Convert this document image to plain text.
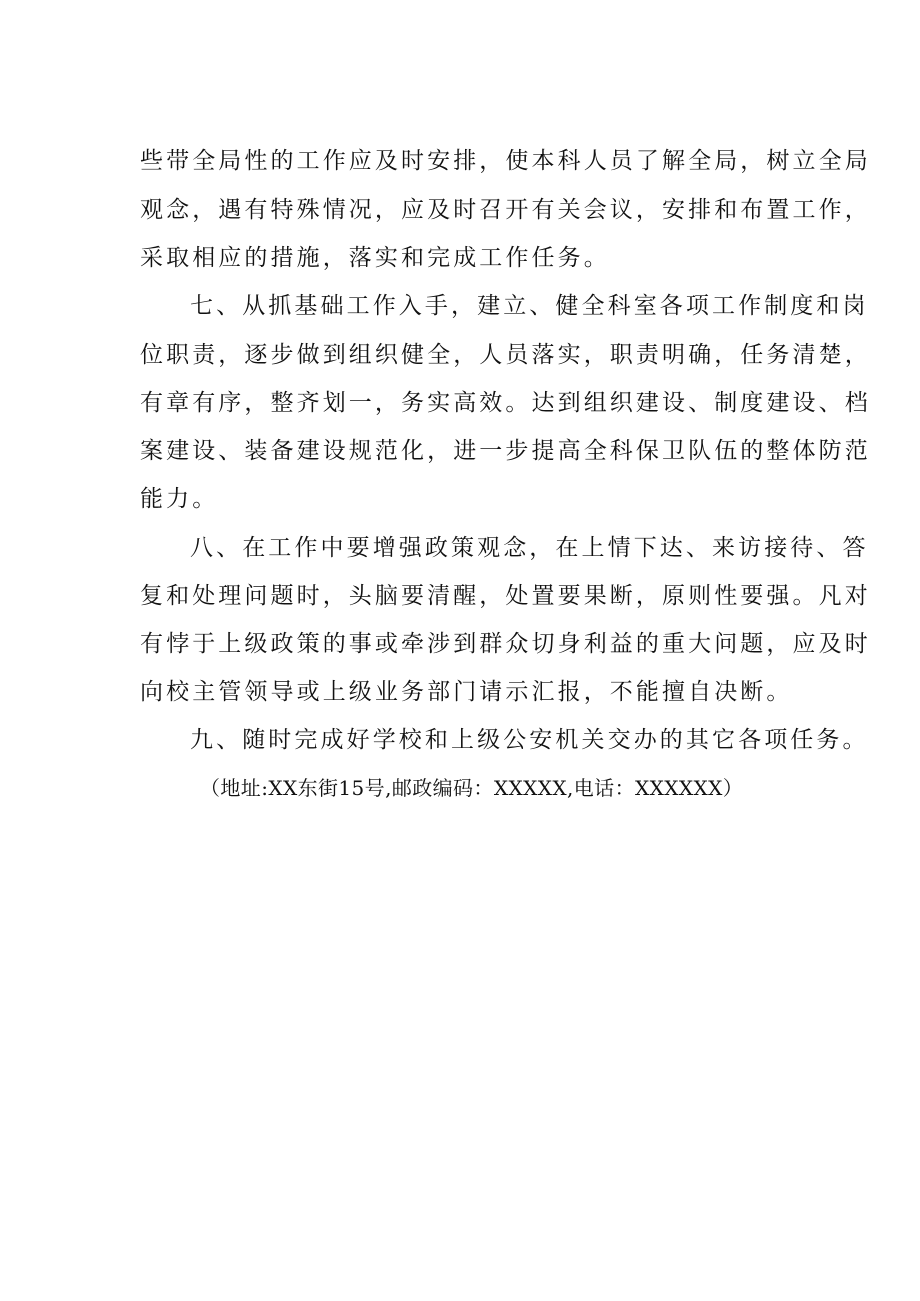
些带全局性的工作应及时安排，使本科人员了解全局，树立全局
观念，遇有特殊情况，应及时召开有关会议，安排和布置工作，
采取相应的措施，落实和完成工作任务。
七、从抓基础工作入手，建立、健全科室各项工作制度和岗
位职责，逐步做到组织健全，人员落实，职责明确，任务清楚，
有章有序，整齐划一，务实高效。达到组织建设、制度建设、档
案建设、装备建设规范化，进一步提高全科保卫队伍的整体防范
能力。
八、在工作中要增强政策观念，在上情下达、来访接待、答
复和处理问题时，头脑要清醒，处置要果断，原则性要强。凡对
有悖于上级政策的事或牵涉到群众切身利益的重大问题，应及时
向校主管领导或上级业务部门请示汇报，不能擅自决断。
九、随时完成好学校和上级公安机关交办的其它各项任务。
（地址:XX东街15号,邮政编码：XXXXX,电话：XXXXXX）
